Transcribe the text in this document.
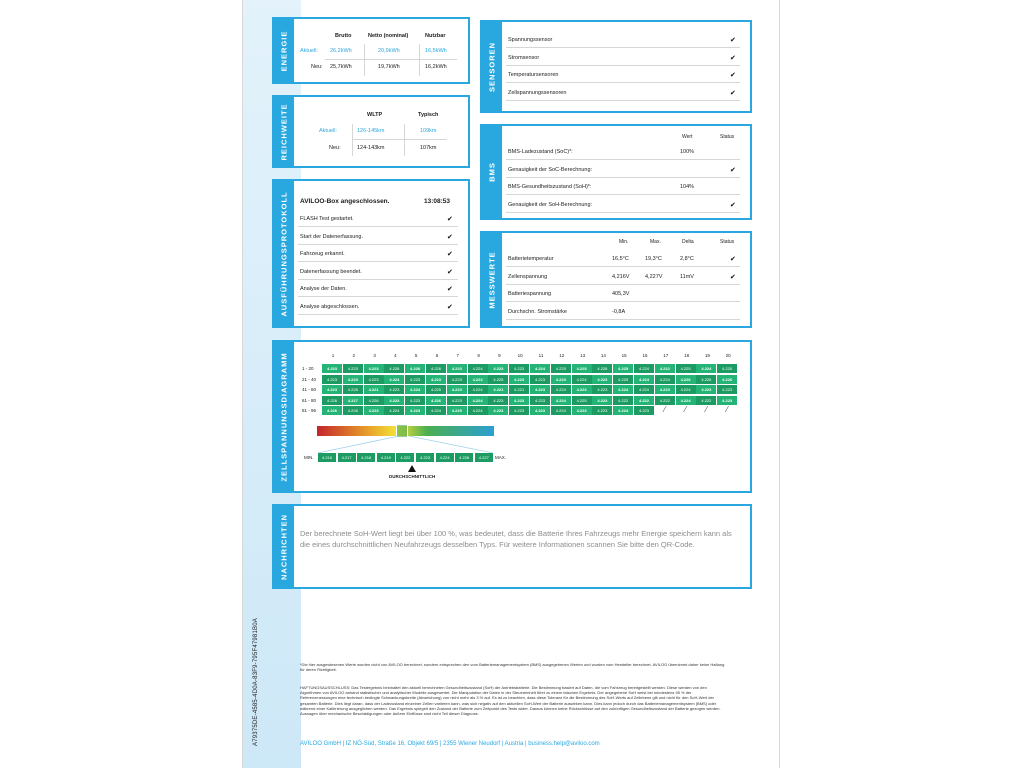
A79375DE-4585-4D0A-83F9-795F47981B0A
ENERGIE	Brutto	Netto (nominal)	Nutzbar
Aktuell: 26,2kWh	20,9kWh	16,5kWh
Neu: 25,7kWh	19,7kWh	16,2kWh
REICHWEITE	WLTP	Typisch
Aktuell:	126-145km	109km
Neu:	124-143km	107km
AUSFÜHRUNGSPROTOKOLL AVILOO-Box angeschlossen.	13:08:53
SENSOREN
BMS
Wert	Status
MESSWERTE
Min.	Max.	Delta	Status
ZELLSPANNUNGSDIAGRAMM	MIN.	MAX.
4.216	4.217	4.218	4.219	4.222	4.223	4.224	4.226	4.227
DURCHSCHNITTLICH
NACHRICHTEN Der berechnete SoH-Wert liegt bei über 100 %, was bedeutet, dass die Batterie Ihres Fahrzeugs mehr Energie speichern kann als die eines durchschnittlichen Neufahrzeugs desselben Typs. Für weitere Informationen scannen Sie bitte den QR-Code.
*Die hier ausgewiesenen Werte wurden nicht von AVILOO berechnet, sondern entsprechen den vom Batteriemanagementsystem (BMS) ausgegebenen Werten und wurden vom Hersteller berechnet. AVILOO übernimmt daher keine Haftung für deren Richtigkeit.
HAFTUNGSAUSSCHLUSS: Das Testergebnis beinhaltet den aktuell berechneten Gesundheitszustand (SoH) der Antriebsbatterie. Die Bestimmung basiert auf Daten, die vom Fahrzeug bereitgestellt werden. Diese werden von den Algorithmen von AVILOO anhand statistischer und analytischer Modelle ausgewertet. Die Manipulation der Daten in der Steuereinheit führt zu einem falschen Ergebnis. Der angegebene SoH weist bei mindestens 95 % der Referenzmessungen eine technisch bedingte Schwankungsbreite (Abweichung) von nicht mehr als 3 % auf. Es ist zu beachten, dass diese Toleranz für die Bestimmung des SoH-Werts auf Zellebene gilt und nicht für den SoH-Wert der gesamten Batterie. Dies liegt daran, dass der Ladezustand einzelner Zellen variieren kann, was sich negativ auf den aktuellen SoH-Wert der Batterie auswirken kann. Dies kann jedoch durch das Batteriemanagementsystem (BMS) oder während einer Kalibrierung ausgeglichen werden. Das Ergebnis spiegelt den Zustand der Batterie zum Zeitpunkt des Tests wider. Daraus können keine Rückschlüsse auf den zukünftigen Gesundheitszustand der Batterie gezogen werden. Aussagen über mechanische Beschädigungen oder äußere Einflüsse sind nicht Teil dieser Diagnose.
AVILOO GmbH | IZ NÖ-Süd, Straße 16, Objekt 69/5 | 2355 Wiener Neudorf | Austria | business.help@aviloo.com
FLASH Test gestartet.	✔
Start der Datenerfassung.	✔
Fahrzeug erkannt.	✔
Datenerfassung beendet.	✔
Analyse der Daten.	✔
Analyse abgeschlossen.	✔
Spannungssensor	✔
Stromsensor	✔
Temperatursensoren	✔
Zellspannungssensoren	✔
BMS-Ladezustand (SoC)*:	100%
Genauigkeit der SoC-Berechnung:	✔
BMS-Gesundheitszustand (SoH)*:	104%
Genauigkeit der SoH-Berechnung:	✔
Batterietemperatur	16,5°C	19,3°C	2,8°C	✔
Zellenspannung	4,216V	4,227V	11mV	✔
Batteriespannung	405,3V
Durchschn. Stromstärke	-0,8A
1	2	3	4	5	6	7	8	9	10	11	12	13	14	15	16	17	18	19	20
1 - 20	4.223	4.223	4.223	4.226	4.226	4.226	4.223	4.224	4.223	4.223	4.224	4.225	4.225	4.226	4.225	4.224	4.222	4.225	4.224	4.220
21 - 40	4.223	4.223	4.223	4.224	4.223	4.223	4.223	4.223	4.225	4.223	4.223	4.223	4.224	4.223	4.225	4.224	4.224	4.226	4.226	4.226
41 - 60	4.223	4.226	4.221	4.223	4.224	4.225	4.223	4.224	4.221	4.221	4.223	4.224	4.223	4.223	4.224	4.224	4.223	4.224	4.223	4.223
61 - 80	4.226	4.227	4.226	4.223	4.223	4.226	4.223	4.224	4.223	4.223	4.223	4.224	4.225	4.223	4.222	4.222	4.222	4.224	4.222	4.223
81 - 96	4.226	4.226	4.223	4.224	4.223	4.224	4.225	4.224	4.223	4.223	4.223	4.224	4.223	4.223	4.224	4.223	⁄	⁄	⁄	⁄
